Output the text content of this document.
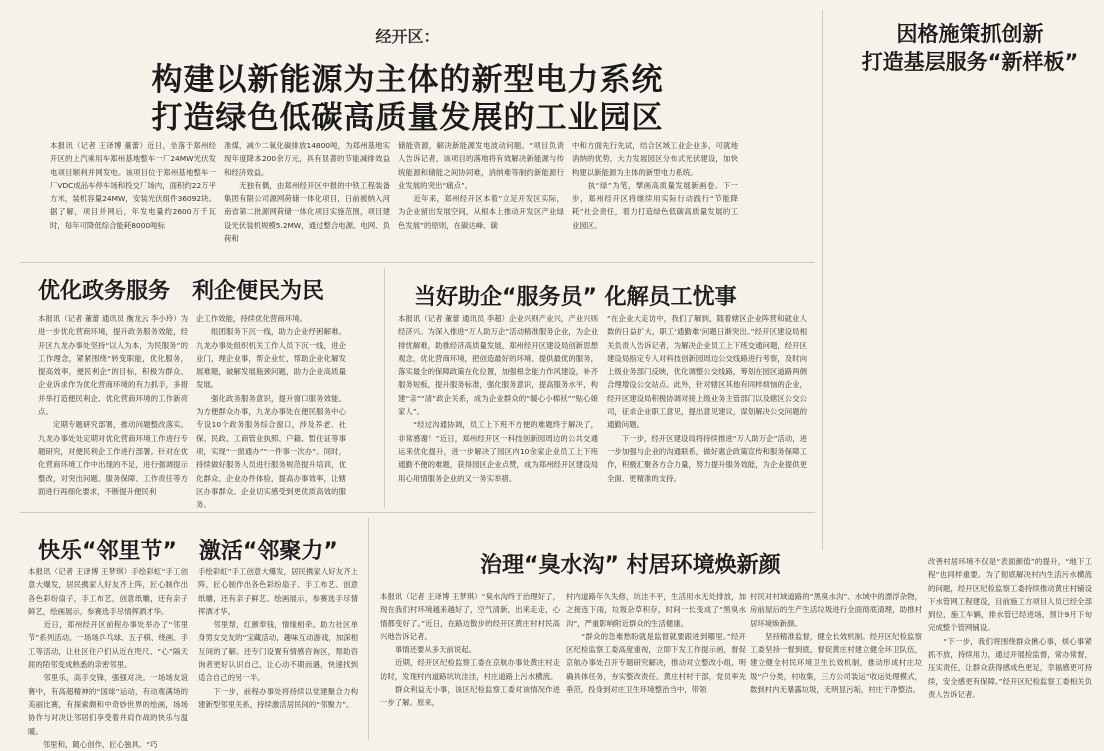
经开区：
构建以新能源为主体的新型电力系统
打造绿色低碳高质量发展的工业园区
本报讯（记者 王译博 董蕾）近日，坐落于郑州经开区的上汽乘用车郑州基地整车一厂24MW光伏发电项目顺利并网发电。该项目位于郑州基地整车一厂VDC成品车停车场和投交厂场内，面积约22万平方米，装机容量24MW，安装光伏组件36092块。据了解，项目并网后，年发电量约2600万千瓦时，每年可降低综合能耗8000吨标
准煤，减少二氧化碳排放14800吨，为郑州基地实现年度降本200余万元，具有显著的节能减排效益和经济效益。
　　无独有偶，由郑州经开区中报的中铁工程装备集团有限公司源网荷储一体化项目，日前被纳入河南省第二批源网荷储一体化项目实施范围，项目建设光伏装机规模5.2MW，通过整合电源、电网、负荷和
储能资源，解决新能源发电波动问题。“项目负责人告诉记者，该项目的落地将有效解决新能源与传统能源和储能之间协同难，消纳难等制约新能源行业发展的突出“痛点”。
　　近年来，郑州经开区本着“立足开发区实际，为企业留出发展空间，从根本上推动开发区产业绿色发展”的原则，在碳达峰、碳
中和方面先行先试，结合区域工业企业多，可就地消纳的优势，大力发展园区分布式光伏建设，加快构建以新能源为主体的新型电力系统。
　　执“绿”为笔，擘画高质量发展新画卷。下一步，郑州经开区将继续用实际行动践行“节能降耗”社会责任，着力打造绿色低碳高质量发展的工业园区。
优化政务服务　利企便民为民
本报讯（记者 董蕾 通讯员 衡龙云 李小玲）为进一步优化营商环境，提升政务服务效能，经开区九龙办事处坚持“以人为本，为民服务”的工作理念，紧紧围绕“转变职能，优化服务，提高效率，便民利企”的目标，积极为群众、企业诉求作为优化营商环境的有力抓手，多措并举打造便民利企、优化营商环境的工作新亮点。
　　定期专题研究部署，推动问题整改落实。九龙办事处处定期对优化营商环境工作进行专题研究，对便民利企工作进行部署。针对在优化营商环境工作中出现的不足，进行强调提示整改，对突出问题、服务保障、工作责任等方面进行再细化要求，不断提升便民利
企工作效能，持续优化营商环境。
　　组团服务下沉一线，助力企业纾困解难。九龙办事处组织机关工作人员下沉一线，进企业门，理企业事，帮企业忙，帮助企业化解发展难题，破解发展瓶颈问题，助力企业高质量发展。
　　强化政务服务意识，提升窗口服务效能。为方便群众办事，九龙办事处在便民服务中心专设10个政务服务综合窗口，涉及养老、社保、民政、工商管业执照、户籍、暂住证等事项，实现“一窗通办”“一件事一次办”。同时，持续做好服务人员进行服务规范提升培训，优化群众、企业办件体验，提高办事效率，让辖区办事群众、企业切实感受到更优质高效的服务。
当好助企“服务员” 化解员工忧事
本报讯（记者 董蕾 通讯员 李超）企业兴则产业兴，产业兴则经济兴。为深入推进“万人助万企”活动精准服务企业，为企业排忧解难，助推经济高质量发展，郑州经开区建设局创新思想观念，优化营商环境，把创造最好的环境、提供最优的服务，落实最全的保障政策在化位置，加强根念能力作风建设，补齐服务短板，提升服务标准，强化服务意识，提高服务水平，构建“亲”“清”政企关系，成为企业群众的“暖心小棉袄”“贴心娘家人”。
　　“经过沟通协调，员工上下班不方便的难题终于解决了，非常感谢！”近日，郑州经开区一科技创新园周边的公共交通运来优化提升，进一步解决了园区内10余家企业员工上下班通勤不便的难题，获得园区企业点赞，成为郑州经开区建设局用心用情服务企业的又一务实举措。
“在企业大走访中，我们了解到，随着辖区企业阵营和就业人数的日益扩大，职工‘通勤难’问题日渐突出。”经开区建设局相关负责人告诉记者，为解决企业员工上下班交通问题，经开区建设局指定专人对科技创新园周边公交线路进行考察，及时向上级业务部门反映，优化调整公交线路，筹划在园区道路两侧合理增设公交站点。此外，针对辖区其他有同样烦恼的企业，经开区建设局积极协调对接上级业务主管部门以及辖区公交公司，征求企业职工意见，提出意见建议，谋划解决公交问题的通勤问题。
　　下一步，经开区建设局将持续推进“万人助万企”活动，进一步加强与企业的沟通联系，做好惠企政策宣传和服务保障工作，积极汇聚各方合力量，努力提升服务效能，为企业提供更全面、更精准的支持。
快乐“邻里节”　激活“邻聚力”
本报讯（记者 王译博 王梦琪）手绘彩虹“手工创意大爆发，居民携家人好友齐上阵，匠心制作出各色彩纷扇子，手工布艺，创意纸雕，还有亲子鲜艺，绘画展示，参赛选手尽情挥洒才华。
　　近日，郑州经开区前程办事处举办了“邻里节”系列活动。一场场乒乓球、五子棋、绕画、手工等活动，让社区住户们从近在咫尺、“心”隔天涯的陌邻变成熟悉的亲密邻里。
　　邻里乐，高手交锋，强强对决。一场场友谊赛中，有高超精神的“国球”运动，有动观满场的美丽比赛，有探索颇和中奇妙世界的绘画，场场协作与对决让邻居们享受着并肩作战的快乐与温暖。
　　邻里和，随心创作，匠心独具。“巧
手绘彩虹”手工创意大爆发，居民携家人好友齐上阵，匠心制作出各色彩纷扇子、手工布艺、创意纸雕，还有亲子鲜艺、绘画展示，参赛选手尽情挥洒才华。
　　邻里帮，红颜奉钱，情缘相牵。助力社区单身男女交友的“宝藏活动，趣味互动游戏，加深相互间的了解。还专门设置有情感咨询区，帮助咨询者更好认识自己，让心动不期而遇，快速找到适合自己的另一半。
　　下一步，前程办事处将持续以党建聚合力构建新型邻里关系，持续激活居民间的“邻聚力”。
治理“臭水沟” 村居环境焕新颜
本报讯（记者 王译博 王梦琪）“臭水沟终于治理好了，现在我们村环境越来越好了，空气清新，出来走走，心情都变好了。”近日，在路边散步的经开区黄庄村村民高兴地告诉记者。
　　事情还要从多天前说起。
　　近期，经开区纪检监察工委在京航办事处黄庄村走访时，发现村内道路坑坑洼洼，村庄道路上污水横流。
　　群众利益无小事，该区纪检监察工委对该情况作进一步了解。原来，
村内道路年久失修，坑洼不平，生活用水无处排放，加之接连下雨，垃圾杂草积存，时间一长变成了“黑臭水沟”，严重影响附近群众的生活健康。
　　“群众的急难愁盼就是监督就要跟进到哪里。”经开区纪检监察工委高度重视，立即下发工作提示函，督促京航办事处召开专题研究解决，推动对立整改小组，明确具体任务，夯实整改责任。黄庄村村干部，党员率先垂范，投身到对庄卫生环境整治当中，带领
村民对村域道路的“黑臭水沟”、水域中的漂浮杂物，房前屋后的生产生活垃圾进行全面彻底清理，助推村居环境焕新颜。
　　坚持精准监督，健全长效机制。经开区纪检监察工委坚持一督到底，督促黄庄村建立健全环卫队伍，建立健全村民环境卫生长效机制，推动形成村庄垃圾“户分类，村收集，三方公司装运”收运处理模式，数到村内无暴露垃圾，无明显污垢，村庄干净整洁。
改善村居环境不仅是“表面颜值”的提升，“地下工程”也同样重要。为了彻底解决村内生活污水横流的问题，经开区纪检监察工委持续推动黄庄村铺设下水管网工程建设，目前施工方项目人员已经全部到位，施工车辆，排水管已经进场，预计9月下旬完成整个管网铺设。
　　“下一步，我们将围绕群众揪心事，烦心事紧抓不放，持续用力，通过开展检监督，常办常督，压实责任，让群众获得感成色更足，幸福感更可持续，安全感更有保障。”经开区纪检监察工委相关负责人告诉记者。
因格施策抓创新
打造基层服务“新样板”
